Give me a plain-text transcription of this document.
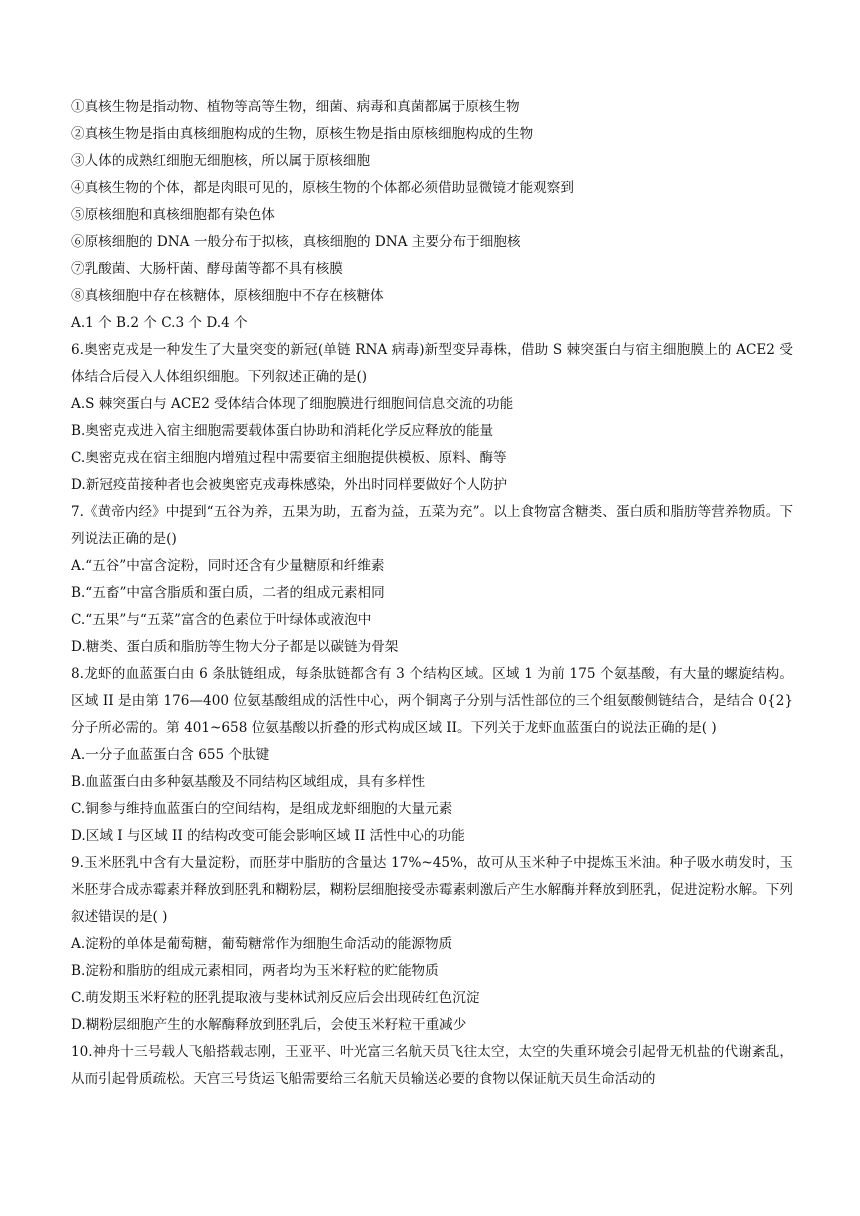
①真核生物是指动物、植物等高等生物，细菌、病毒和真菌都属于原核生物
②真核生物是指由真核细胞构成的生物，原核生物是指由原核细胞构成的生物
③人体的成熟红细胞无细胞核，所以属于原核细胞
④真核生物的个体，都是肉眼可见的，原核生物的个体都必须借助显微镜才能观察到
⑤原核细胞和真核细胞都有染色体
⑥原核细胞的 DNA 一般分布于拟核，真核细胞的 DNA 主要分布于细胞核
⑦乳酸菌、大肠杆菌、酵母菌等都不具有核膜
⑧真核细胞中存在核糖体，原核细胞中不存在核糖体
A.1 个 B.2 个 C.3 个 D.4 个
6.奥密克戎是一种发生了大量突变的新冠(单链 RNA 病毒)新型变异毒株，借助 S 棘突蛋白与宿主细胞膜上的 ACE2 受体结合后侵入人体组织细胞。下列叙述正确的是()
A.S 棘突蛋白与 ACE2 受体结合体现了细胞膜进行细胞间信息交流的功能
B.奥密克戎进入宿主细胞需要载体蛋白协助和消耗化学反应释放的能量
C.奥密克戎在宿主细胞内增殖过程中需要宿主细胞提供模板、原料、酶等
D.新冠疫苗接种者也会被奥密克戎毒株感染，外出时同样要做好个人防护
7.《黄帝内经》中提到“五谷为养，五果为助，五畜为益，五菜为充”。以上食物富含糖类、蛋白质和脂肪等营养物质。下列说法正确的是()
A.“五谷”中富含淀粉，同时还含有少量糖原和纤维素
B.“五畜”中富含脂质和蛋白质，二者的组成元素相同
C.“五果”与“五菜”富含的色素位于叶绿体或液泡中
D.糖类、蛋白质和脂肪等生物大分子都是以碳链为骨架
8.龙虾的血蓝蛋白由 6 条肽链组成，每条肽链都含有 3 个结构区域。区域 1 为前 175 个氨基酸，有大量的螺旋结构。区域 II 是由第 176—400 位氨基酸组成的活性中心，两个铜离子分别与活性部位的三个组氨酸侧链结合，是结合 0{2}分子所必需的。第 401~658 位氨基酸以折叠的形式构成区域 II。下列关于龙虾血蓝蛋白的说法正确的是( )
A.一分子血蓝蛋白含 655 个肽键
B.血蓝蛋白由多种氨基酸及不同结构区域组成，具有多样性
C.铜参与维持血蓝蛋白的空间结构，是组成龙虾细胞的大量元素
D.区域 I 与区域 II 的结构改变可能会影响区域 II 活性中心的功能
9.玉米胚乳中含有大量淀粉，而胚芽中脂肪的含量达 17%~45%，故可从玉米种子中提炼玉米油。种子吸水萌发时，玉米胚芽合成赤霉素并释放到胚乳和糊粉层，糊粉层细胞接受赤霉素刺激后产生水解酶并释放到胚乳，促进淀粉水解。下列叙述错误的是( )
A.淀粉的单体是葡萄糖，葡萄糖常作为细胞生命活动的能源物质
B.淀粉和脂肪的组成元素相同，两者均为玉米籽粒的贮能物质
C.萌发期玉米籽粒的胚乳提取液与斐林试剂反应后会出现砖红色沉淀
D.糊粉层细胞产生的水解酶释放到胚乳后，会使玉米籽粒干重减少
10.神舟十三号载人飞船搭载志刚，王亚平、叶光富三名航天员飞往太空，太空的失重环境会引起骨无机盐的代谢紊乱，从而引起骨质疏松。天宫三号货运飞船需要给三名航天员输送必要的食物以保证航天员生命活动的
